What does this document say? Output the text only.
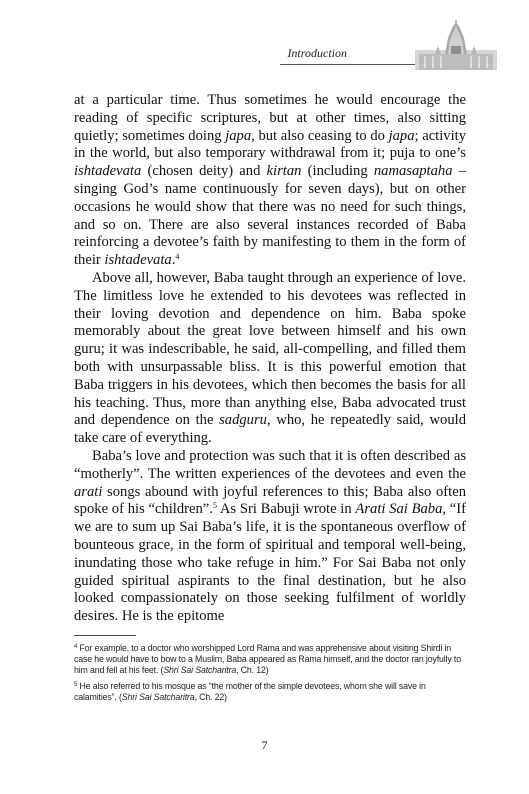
Introduction

at a particular time. Thus sometimes he would encourage the reading of specific scriptures, but at other times, also sitting quietly; sometimes doing japa, but also ceasing to do japa; activity in the world, but also temporary withdrawal from it; puja to one’s ishtadevata (chosen deity) and kirtan (including namasaptaha – singing God’s name continuously for seven days), but on other occasions he would show that there was no need for such things, and so on. There are also several instances recorded of Baba reinforcing a devotee’s faith by manifesting to them in the form of their ishtadevata.$^4$

Above all, however, Baba taught through an experience of love. The limitless love he extended to his devotees was reflected in their loving devotion and dependence on him. Baba spoke memorably about the great love between himself and his own guru; it was indescribable, he said, all-compelling, and filled them both with unsurpassable bliss. It is this powerful emotion that Baba triggers in his devotees, which then becomes the basis for all his teaching. Thus, more than anything else, Baba advocated trust and dependence on the sadguru, who, he repeatedly said, would take care of everything.

Baba’s love and protection was such that it is often described as “motherly”. The written experiences of the devotees and even the arati songs abound with joyful references to this; Baba also often spoke of his “children”.$^5$ As Sri Babuji wrote in Arati Sai Baba, “If we are to sum up Sai Baba’s life, it is the spontaneous overflow of bounteous grace, in the form of spiritual and temporal well-being, inundating those who take refuge in him.” For Sai Baba not only guided spiritual aspirants to the final destination, but he also looked compassionately on those seeking fulfilment of worldly desires. He is the epitome

$^4$ For example, to a doctor who worshipped Lord Rama and was apprehensive about visiting Shirdi in case he would have to bow to a Muslim, Baba appeared as Rama himself, and the doctor ran joyfully to him and fell at his feet. (Shri Sai Satcharitra, Ch. 12)

$^5$ He also referred to his mosque as “the mother of the simple devotees, whom she will save in calamities”. (Shri Sai Satcharitra, Ch. 22)

7
